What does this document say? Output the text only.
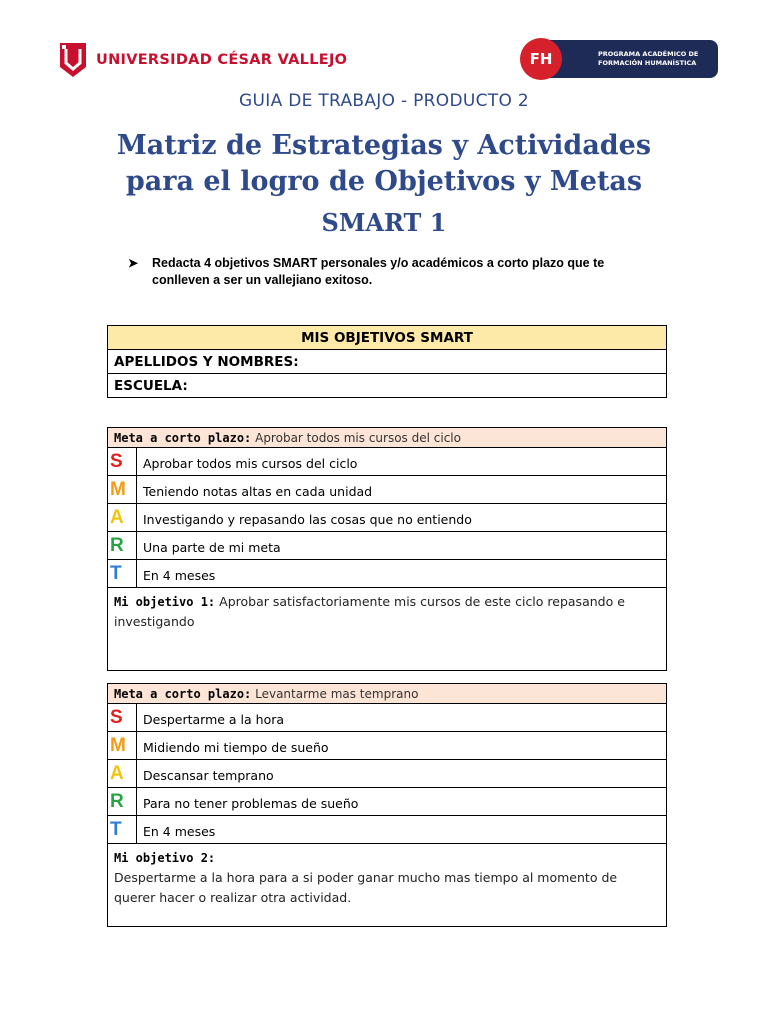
UNIVERSIDAD CÉSAR VALLEJO	FH	PROGRAMA ACADÉMICO DE
FORMACIÓN HUMANÍSTICA
GUIA DE TRABAJO - PRODUCTO 2
Matriz de Estrategias y Actividades
para el logro de Objetivos y Metas
SMART 1
➤ Redacta 4 objetivos SMART personales y/o académicos a corto plazo que te conlleven a ser un vallejiano exitoso.
MIS OBJETIVOS SMART
APELLIDOS Y NOMBRES:
ESCUELA:
Meta a corto plazo: Aprobar todos mis cursos del ciclo	
S	Aprobar todos mis cursos del ciclo
M	Teniendo notas altas en cada unidad
A	Investigando y repasando las cosas que no entiendo
R	Una parte de mi meta
T	En 4 meses
Mi objetivo 1: Aprobar satisfactoriamente mis cursos de este ciclo repasando e investigando	
Meta a corto plazo: Levantarme mas temprano	
S	Despertarme a la hora
M	Midiendo mi tiempo de sueño
A	Descansar temprano
R	Para no tener problemas de sueño
T	En 4 meses

Mi objetivo 2:
Despertarme a la hora para a si poder ganar mucho mas tiempo al momento de querer hacer o realizar otra actividad.	
